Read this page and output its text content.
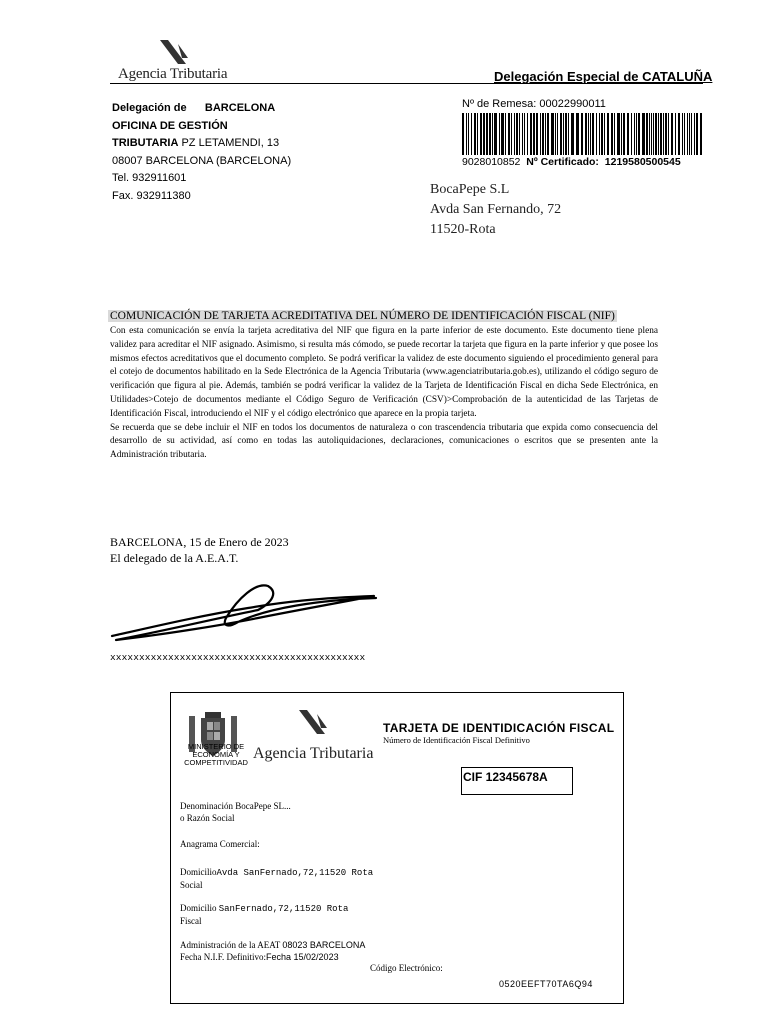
Agencia Tributaria	Delegación Especial de CATALUÑA
Delegación de BARCELONA
OFICINA DE GESTIÓN
TRIBUTARIA PZ LETAMENDI, 13
08007 BARCELONA (BARCELONA)
Tel. 932911601
Fax. 932911380
Nº de Remesa: 00022990011
9028010852 Nº Certificado: 1219580500545
BocaPepe S.L
Avda San Fernando, 72
11520-Rota
COMUNICACIÓN DE TARJETA ACREDITATIVA DEL NÚMERO DE IDENTIFICACIÓN FISCAL (NIF)

Con esta comunicación se envía la tarjeta acreditativa del NIF que figura en la parte inferior de este documento. Este documento tiene plena validez para acreditar el NIF asignado. Asimismo, si resulta más cómodo, se puede recortar la tarjeta que figura en la parte inferior y que posee los mismos efectos acreditativos que el documento completo. Se podrá verificar la validez de este documento siguiendo el procedimiento general para el cotejo de documentos habilitado en la Sede Electrónica de la Agencia Tributaria (www.agenciatributaria.gob.es), utilizando el código seguro de verificación que figura al pie. Además, también se podrá verificar la validez de la Tarjeta de Identificación Fiscal en dicha Sede Electrónica, en Utilidades>Cotejo de documentos mediante el Código Seguro de Verificación (CSV)>Comprobación de la autenticidad de las Tarjetas de Identificación Fiscal, introduciendo el NIF y el código electrónico que aparece en la propia tarjeta.

Se recuerda que se debe incluir el NIF en todos los documentos de naturaleza o con trascendencia tributaria que expida como consecuencia del desarrollo de su actividad, así como en todas las autoliquidaciones, declaraciones, comunicaciones o escritos que se presenten ante la Administración tributaria.

BARCELONA, 15 de Enero de 2023
El delegado de la A.E.A.T.
xxxxxxxxxxxxxxxxxxxxxxxxxxxxxxxxxxxxxxxxxxxx
MINISTERIO DE ECONOMÍA Y COMPETITIVIDAD
Agencia Tributaria
TARJETA DE IDENTIDICACIÓN FISCAL
Número de Identificación Fiscal Definitivo
CIF 12345678A
Denominación BocaPepe SL...
o Razón Social
Anagrama Comercial:
DomicilioAvda SanFernado,72,11520 Rota
Social
Domicilio SanFernado,72,11520 Rota
Fiscal
Administración de la AEAT 08023 BARCELONA
Fecha N.I.F. Definitivo:Fecha 15/02/2023
Código Electrónico:
0520EEFT70TA6Q94
